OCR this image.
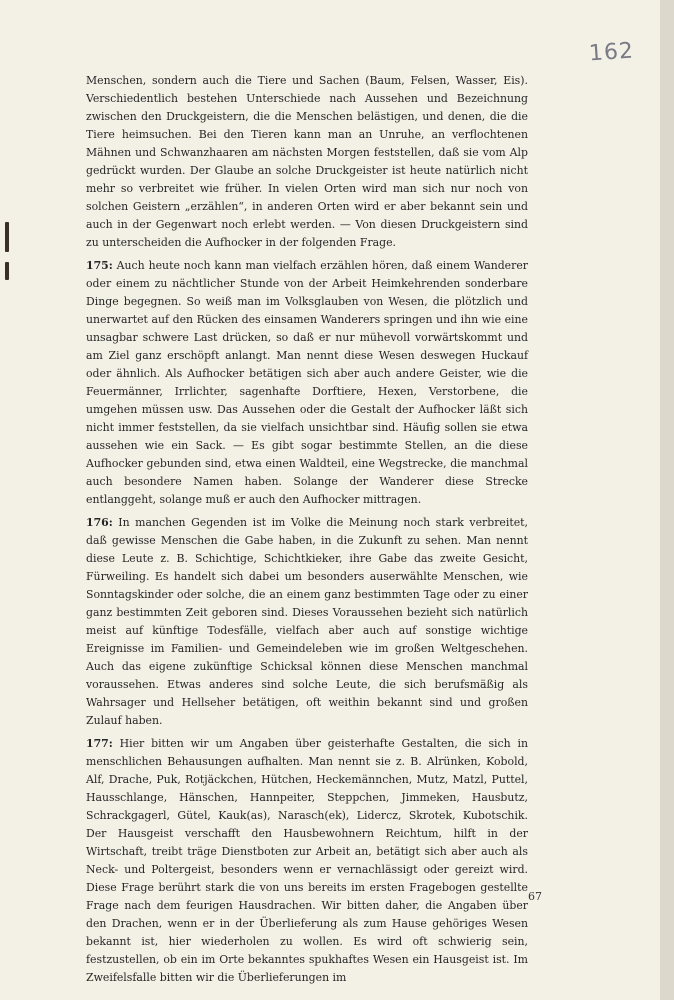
162

Menschen, sondern auch die Tiere und Sachen (Baum, Felsen, Wasser, Eis). Verschiedentlich bestehen Unterschiede nach Aussehen und Bezeichnung zwischen den Druckgeistern, die die Menschen belästigen, und denen, die die Tiere heimsuchen. Bei den Tieren kann man an Unruhe, an verflochtenen Mähnen und Schwanzhaaren am nächsten Morgen feststellen, daß sie vom Alp gedrückt wurden. Der Glaube an solche Druckgeister ist heute natürlich nicht mehr so verbreitet wie früher. In vielen Orten wird man sich nur noch von solchen Geistern „erzählen“, in anderen Orten wird er aber bekannt sein und auch in der Gegenwart noch erlebt werden. — Von diesen Druckgeistern sind zu unterscheiden die Aufhocker in der folgenden Frage.

175: Auch heute noch kann man vielfach erzählen hören, daß einem Wanderer oder einem zu nächtlicher Stunde von der Arbeit Heimkehrenden sonderbare Dinge begegnen. So weiß man im Volksglauben von Wesen, die plötzlich und unerwartet auf den Rücken des einsamen Wanderers springen und ihn wie eine unsagbar schwere Last drücken, so daß er nur mühevoll vorwärtskommt und am Ziel ganz erschöpft anlangt. Man nennt diese Wesen deswegen Huckauf oder ähnlich. Als Aufhocker betätigen sich aber auch andere Geister, wie die Feuermänner, Irrlichter, sagenhafte Dorftiere, Hexen, Verstorbene, die umgehen müssen usw. Das Aussehen oder die Gestalt der Aufhocker läßt sich nicht immer feststellen, da sie vielfach unsichtbar sind. Häufig sollen sie etwa aussehen wie ein Sack. — Es gibt sogar bestimmte Stellen, an die diese Aufhocker gebunden sind, etwa einen Waldteil, eine Wegstrecke, die manchmal auch besondere Namen haben. Solange der Wanderer diese Strecke entlanggeht, solange muß er auch den Aufhocker mittragen.

176: In manchen Gegenden ist im Volke die Meinung noch stark verbreitet, daß gewisse Menschen die Gabe haben, in die Zukunft zu sehen. Man nennt diese Leute z. B. Schichtige, Schichtkieker, ihre Gabe das zweite Gesicht, Fürweiling. Es handelt sich dabei um besonders auserwählte Menschen, wie Sonntagskinder oder solche, die an einem ganz bestimmten Tage oder zu einer ganz bestimmten Zeit geboren sind. Dieses Voraussehen bezieht sich natürlich meist auf künftige Todesfälle, vielfach aber auch auf sonstige wichtige Ereignisse im Familien- und Gemeindeleben wie im großen Weltgeschehen. Auch das eigene zukünftige Schicksal können diese Menschen manchmal voraussehen. Etwas anderes sind solche Leute, die sich berufsmäßig als Wahrsager und Hellseher betätigen, oft weithin bekannt sind und großen Zulauf haben.

177: Hier bitten wir um Angaben über geisterhafte Gestalten, die sich in menschlichen Behausungen aufhalten. Man nennt sie z. B. Alrünken, Kobold, Alf, Drache, Puk, Rotjäckchen, Hütchen, Heckemännchen, Mutz, Matzl, Puttel, Hausschlange, Hänschen, Hannpeiter, Steppchen, Jimmeken, Hausbutz, Schrackgagerl, Gütel, Kauk(as), Narasch(ek), Lidercz, Skrotek, Kubotschik. Der Hausgeist verschafft den Hausbewohnern Reichtum, hilft in der Wirtschaft, treibt träge Dienstboten zur Arbeit an, betätigt sich aber auch als Neck- und Poltergeist, besonders wenn er vernachlässigt oder gereizt wird. Diese Frage berührt stark die von uns bereits im ersten Fragebogen gestellte Frage nach dem feurigen Hausdrachen. Wir bitten daher, die Angaben über den Drachen, wenn er in der Überlieferung als zum Hause gehöriges Wesen bekannt ist, hier wiederholen zu wollen. Es wird oft schwierig sein, festzustellen, ob ein im Orte bekanntes spukhaftes Wesen ein Hausgeist ist. Im Zweifelsfalle bitten wir die Überlieferungen im

67
